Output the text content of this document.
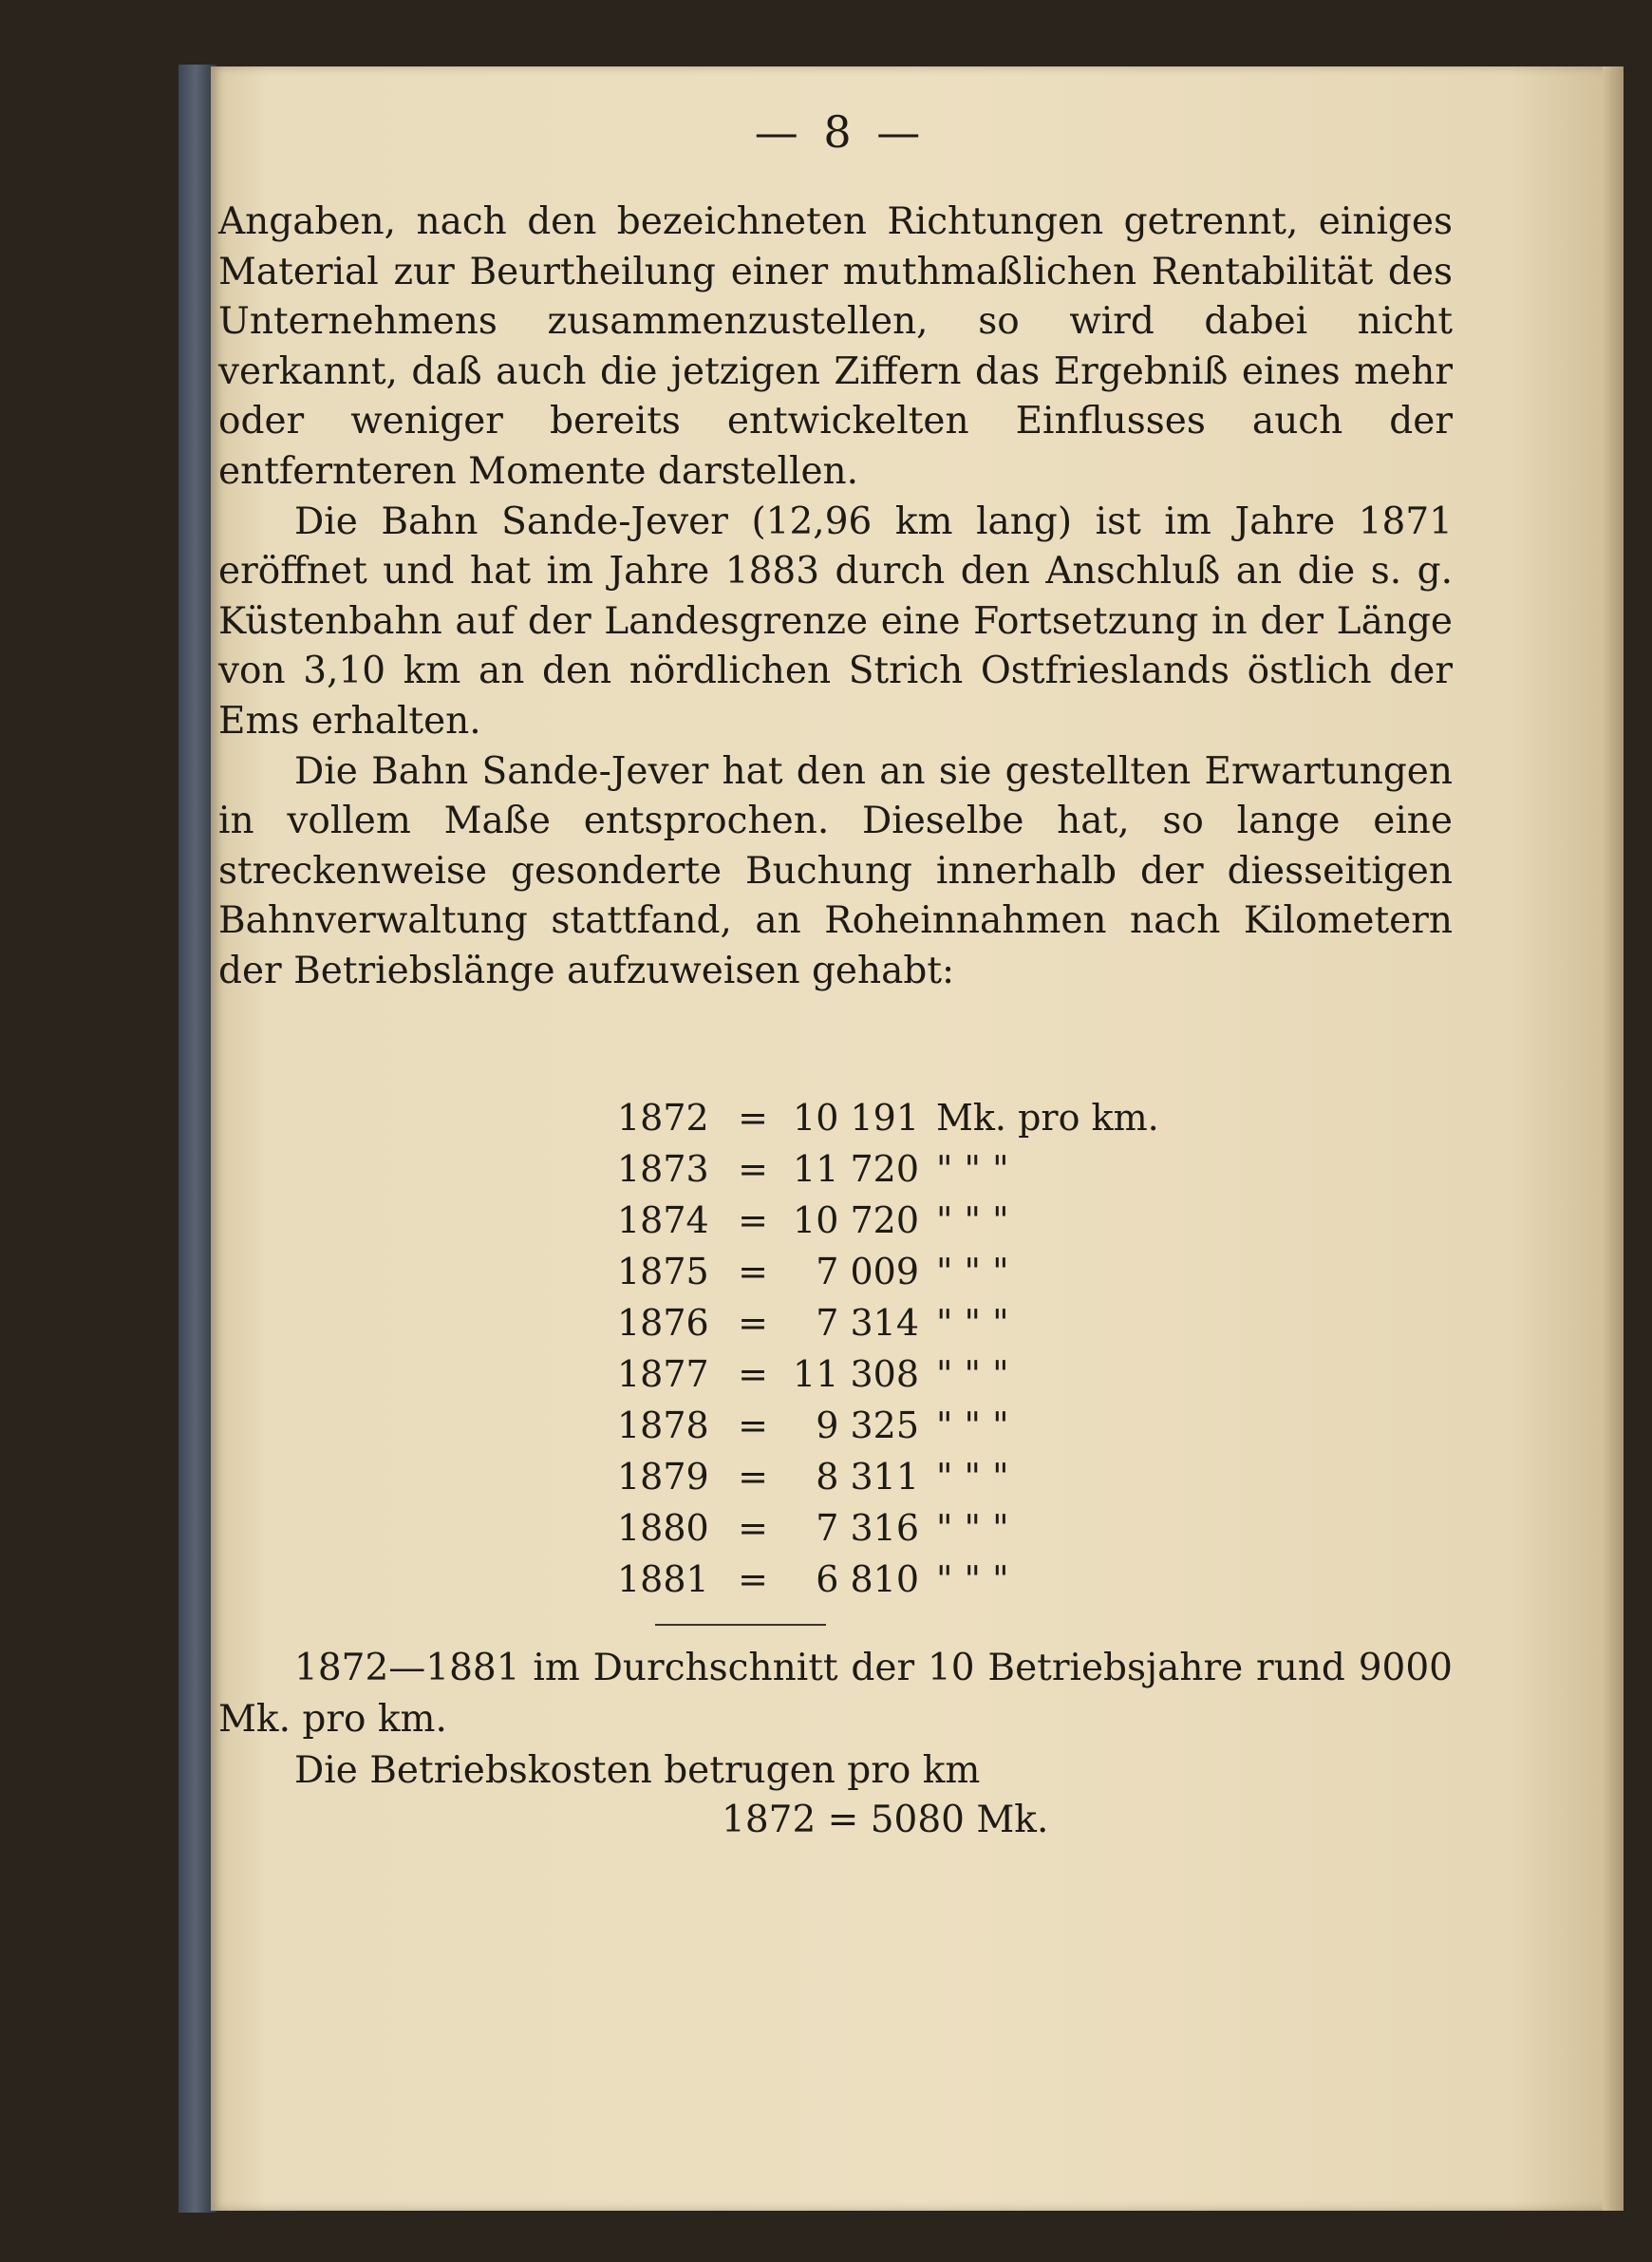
— 8 —

Angaben, nach den bezeichneten Richtungen getrennt, einiges Material zur Beurtheilung einer muthmaßlichen Rentabilität des Unternehmens zusammenzustellen, so wird dabei nicht verkannt, daß auch die jetzigen Ziffern das Ergebniß eines mehr oder weniger bereits entwickelten Einflusses auch der entfernteren Momente darstellen.

Die Bahn Sande-Jever (12,96 km lang) ist im Jahre 1871 eröffnet und hat im Jahre 1883 durch den Anschluß an die s. g. Küstenbahn auf der Landesgrenze eine Fortsetzung in der Länge von 3,10 km an den nördlichen Strich Ostfrieslands östlich der Ems erhalten.

Die Bahn Sande-Jever hat den an sie gestellten Erwartungen in vollem Maße entsprochen. Dieselbe hat, so lange eine streckenweise gesonderte Buchung innerhalb der diesseitigen Bahnverwaltung stattfand, an Roheinnahmen nach Kilometern der Betriebslänge aufzuweisen gehabt:

1872 = 10 191 Mk. pro km.
1873 = 11 720 " " "
1874 = 10 720 " " "
1875 =	7 009 " " "
1876 =	7 314 " " "
1877 = 11 308 " " "
1878 =	9 325 " " "
1879 =	8 311 " " "
1880 =	7 316 " " "
1881 =	6 810 " " "

1872—1881 im Durchschnitt der 10 Betriebsjahre rund 9000 Mk. pro km.

Die Betriebskosten betrugen pro km

1872 = 5080 Mk.
